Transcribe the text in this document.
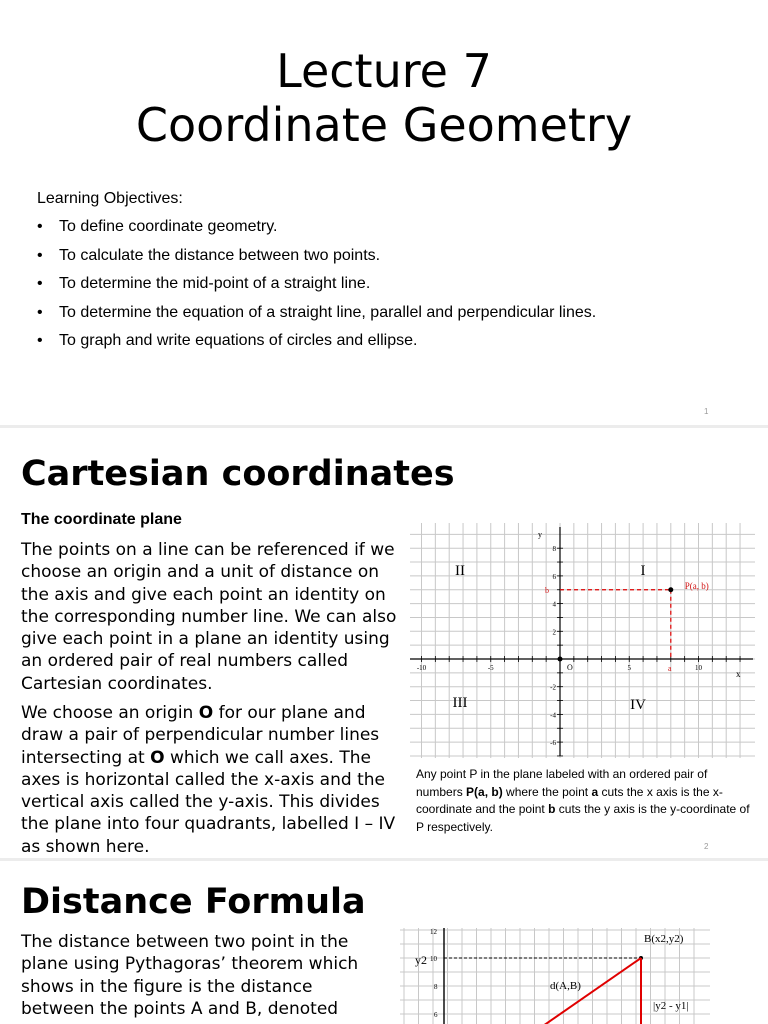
Lecture 7
Coordinate Geometry
Learning Objectives:
• To define coordinate geometry.
• To calculate the distance between two points.
• To determine the mid-point of a straight line.
• To determine the equation of a straight line, parallel and perpendicular lines.
• To graph and write equations of circles and ellipse.
1
Cartesian coordinates
The coordinate plane

The points on a line can be referenced if we choose an origin and a unit of distance on the axis and give each point an identity on the corresponding number line. We can also give each point in a plane an identity using an ordered pair of real numbers called Cartesian coordinates.

We choose an origin O for our plane and draw a pair of perpendicular number lines intersecting at O which we call axes. The axes is horizontal called the x-axis and the vertical axis called the y-axis. This divides the plane into four quadrants, labelled I – IV as shown here.

-10	-5	5	10
8
6
4
2
-2
-4
-6
x
y
O
P(a, b)
a
b
II	I
III	IV

Any point P in the plane labeled with an ordered pair of numbers P(a, b) where the point a cuts the x axis is the x-coordinate and the point b cuts the y axis is the y-coordinate of P respectively.

2
Distance Formula

The distance between two point in the plane using Pythagoras’ theorem which shows in the figure is the distance between the points A and B, denoted

12
10
8
6
y2
B(x2,y2)
d(A,B)
|y2 - y1|
